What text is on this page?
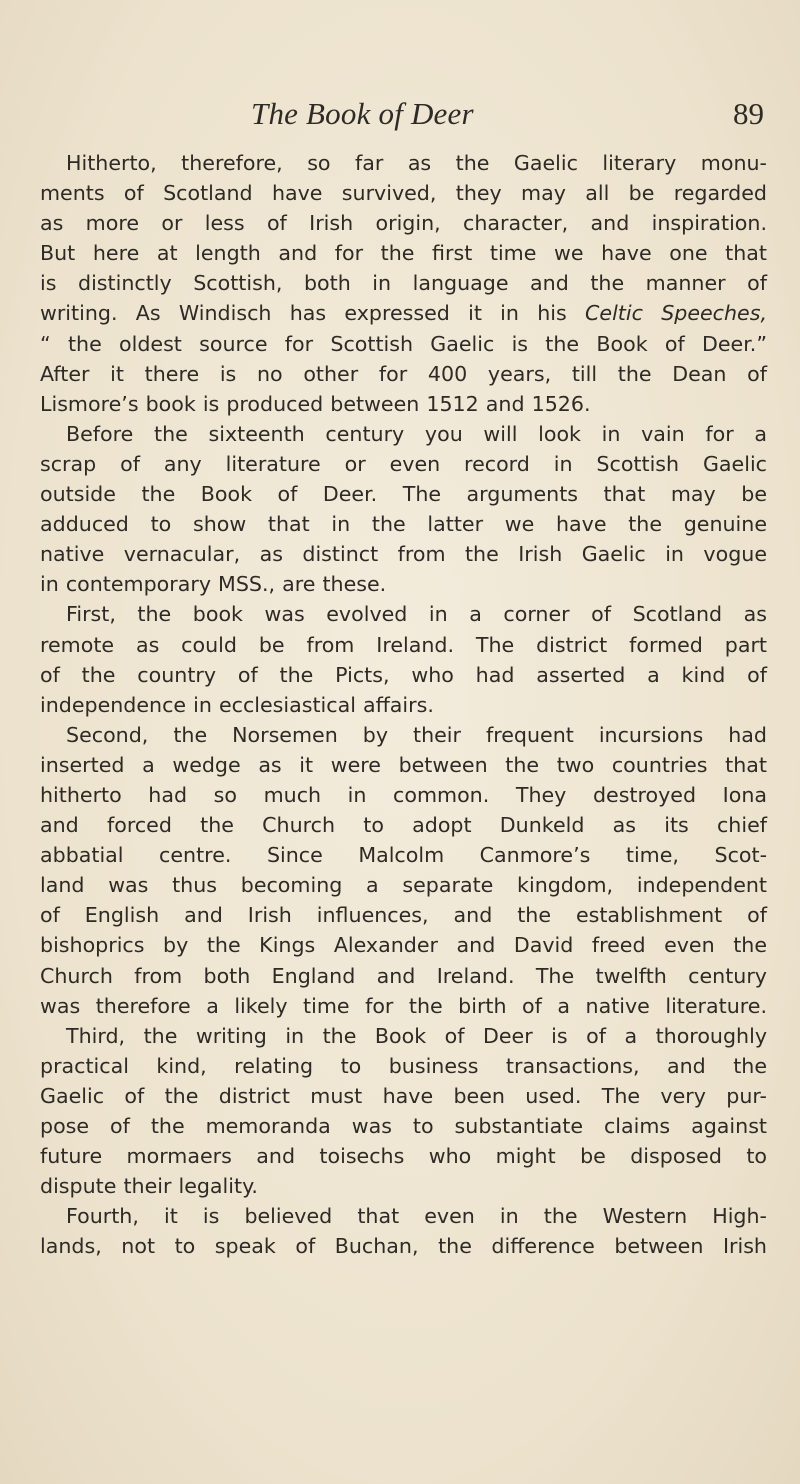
The Book of Deer	89
Hitherto, therefore, so far as the Gaelic literary monu-
ments of Scotland have survived, they may all be regarded
as more or less of Irish origin, character, and inspiration.
But here at length and for the first time we have one that
is distinctly Scottish, both in language and the manner of
writing. As Windisch has expressed it in his Celtic Speeches,
“ the oldest source for Scottish Gaelic is the Book of Deer.”
After it there is no other for 400 years, till the Dean of
Lismore’s book is produced between 1512 and 1526.
Before the sixteenth century you will look in vain for a
scrap of any literature or even record in Scottish Gaelic
outside the Book of Deer. The arguments that may be
adduced to show that in the latter we have the genuine
native vernacular, as distinct from the Irish Gaelic in vogue
in contemporary MSS., are these.
First, the book was evolved in a corner of Scotland as
remote as could be from Ireland. The district formed part
of the country of the Picts, who had asserted a kind of
independence in ecclesiastical affairs.
Second, the Norsemen by their frequent incursions had
inserted a wedge as it were between the two countries that
hitherto had so much in common. They destroyed Iona
and forced the Church to adopt Dunkeld as its chief
abbatial centre. Since Malcolm Canmore’s time, Scot-
land was thus becoming a separate kingdom, independent
of English and Irish influences, and the establishment of
bishoprics by the Kings Alexander and David freed even the
Church from both England and Ireland. The twelfth century
was therefore a likely time for the birth of a native literature.
Third, the writing in the Book of Deer is of a thoroughly
practical kind, relating to business transactions, and the
Gaelic of the district must have been used. The very pur-
pose of the memoranda was to substantiate claims against
future mormaers and toisechs who might be disposed to
dispute their legality.
Fourth, it is believed that even in the Western High-
lands, not to speak of Buchan, the difference between Irish
